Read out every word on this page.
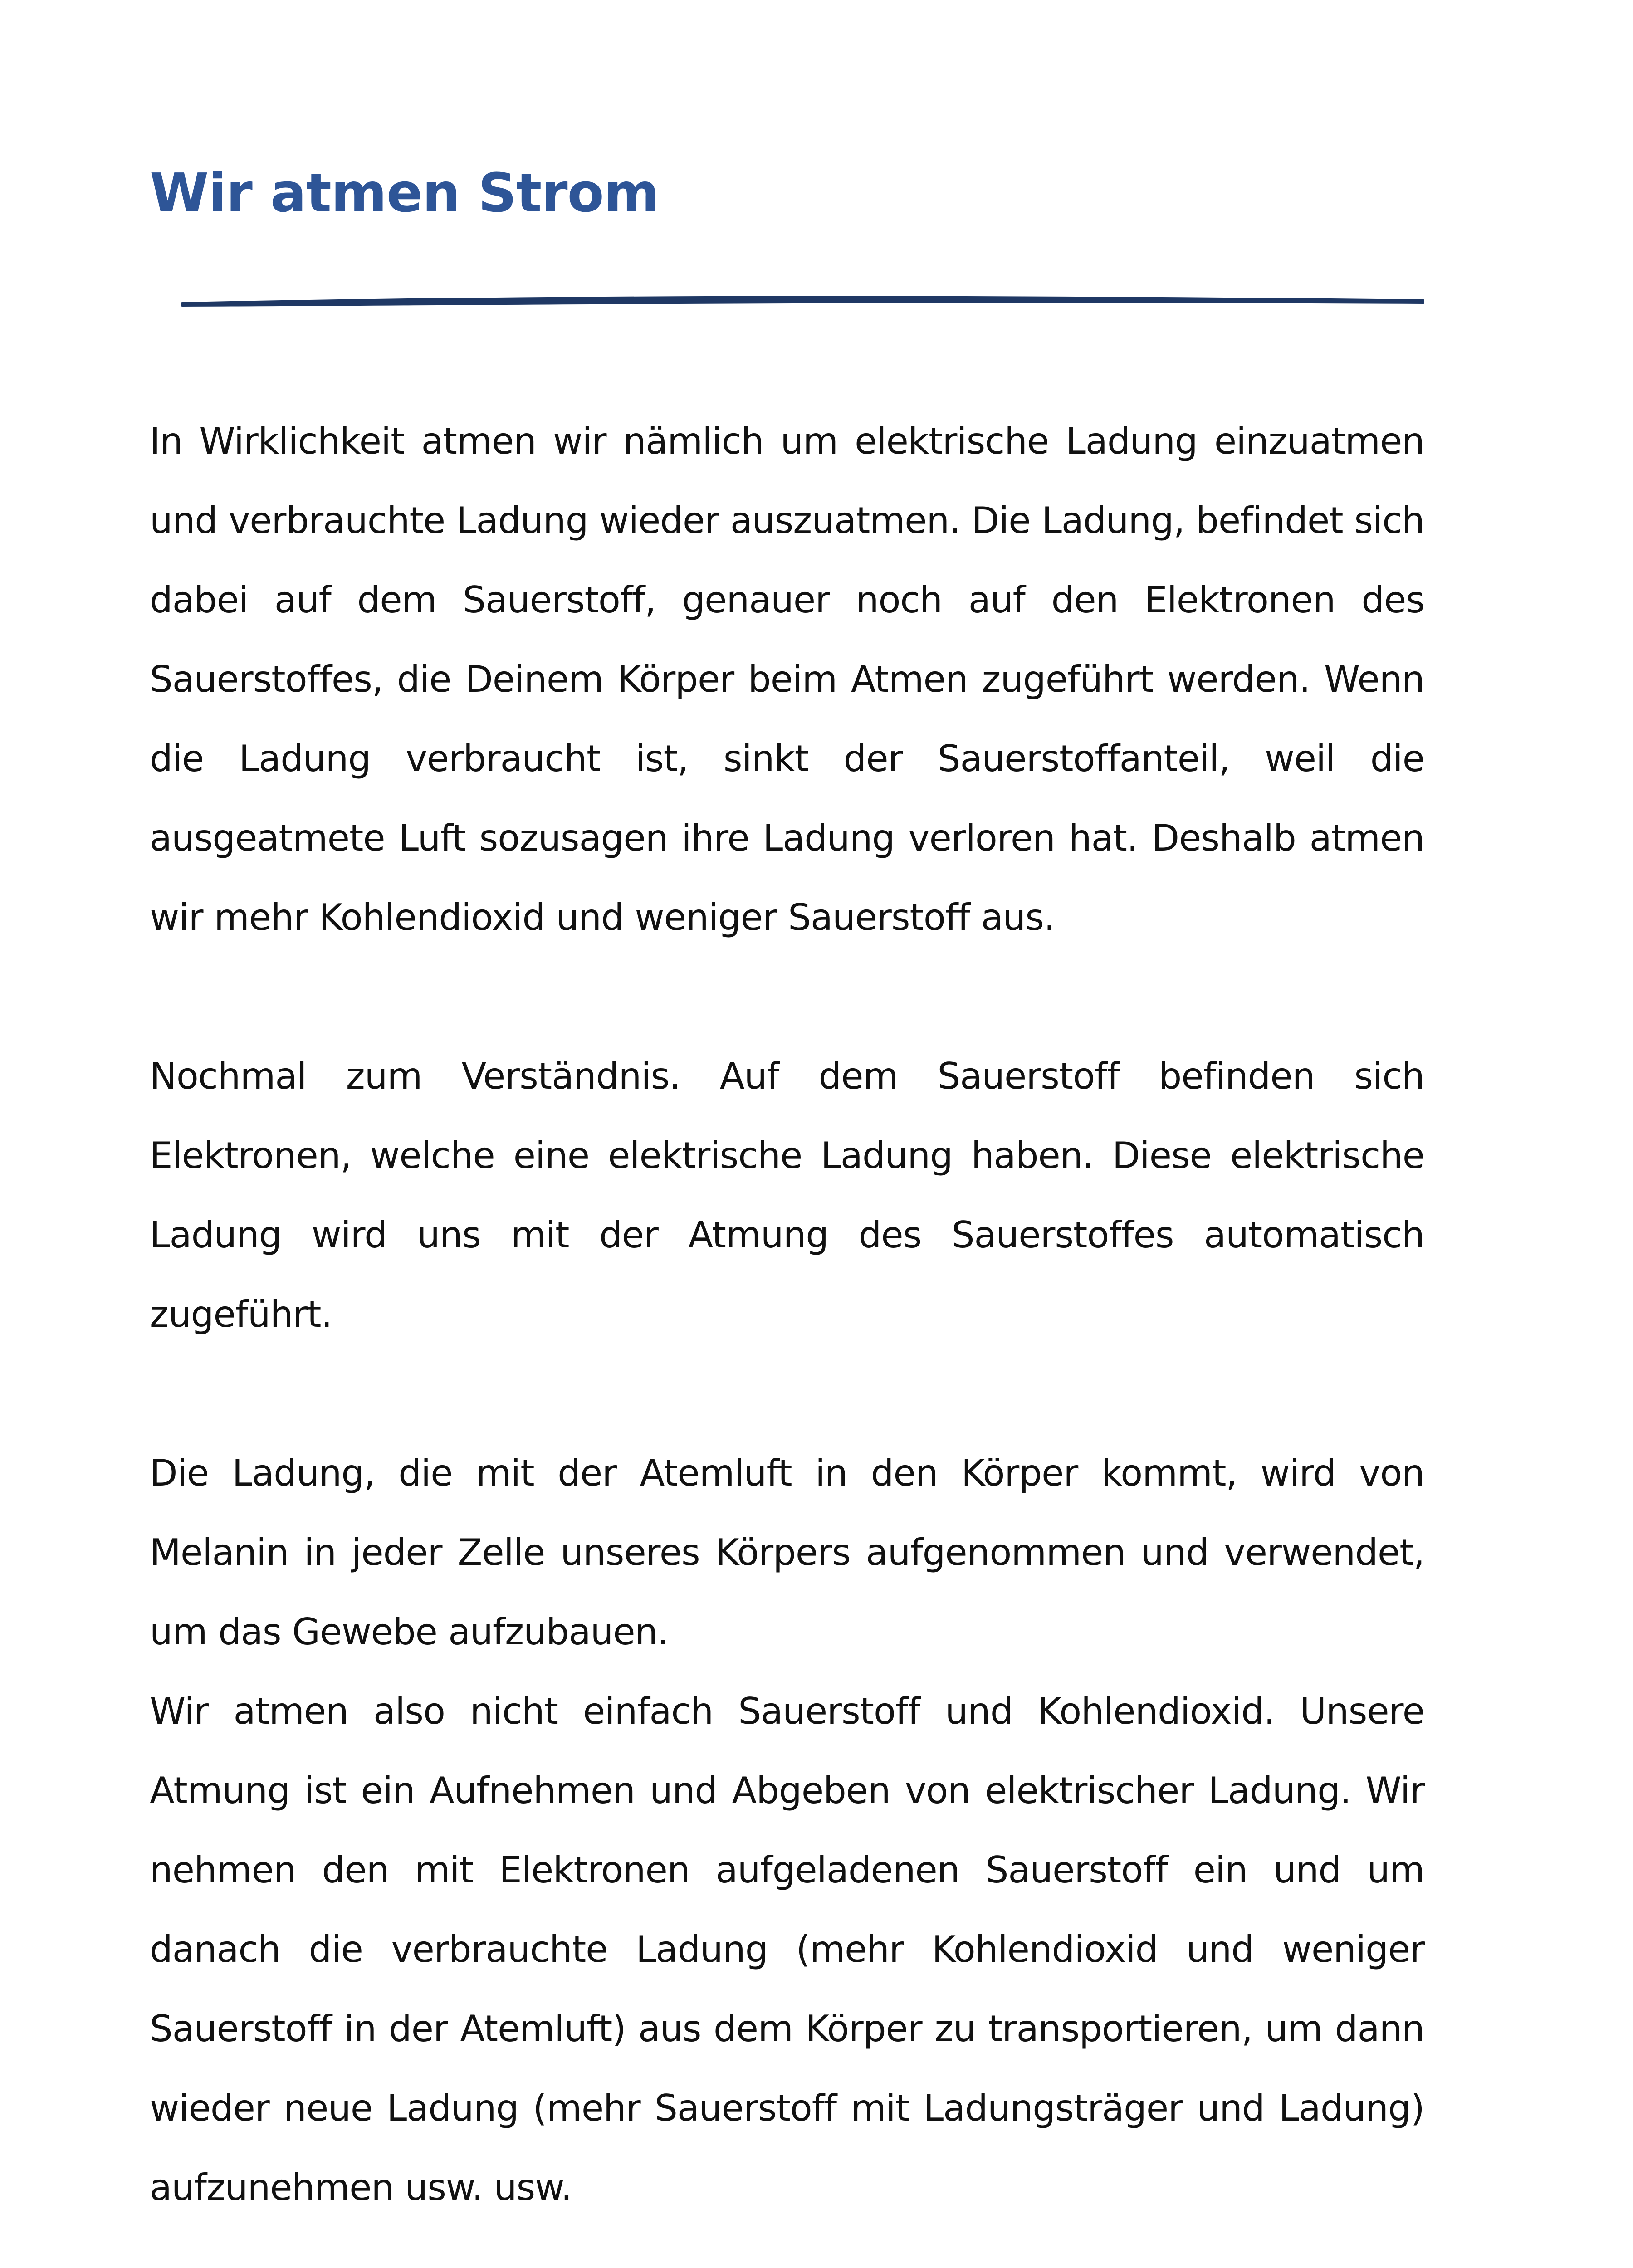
Wir atmen Strom

In Wirklichkeit atmen wir nämlich um elektrische Ladung einzuatmen und verbrauchte Ladung wieder auszuatmen. Die Ladung, befindet sich dabei auf dem Sauerstoff, genauer noch auf den Elektronen des Sauerstoffes, die Deinem Körper beim Atmen zugeführt werden. Wenn die Ladung verbraucht ist, sinkt der Sauerstoffanteil, weil die ausgeatmete Luft sozusagen ihre Ladung verloren hat. Deshalb atmen wir mehr Kohlendioxid und weniger Sauerstoff aus.

Nochmal zum Verständnis. Auf dem Sauerstoff befinden sich Elektronen, welche eine elektrische Ladung haben. Diese elektrische Ladung wird uns mit der Atmung des Sauerstoffes automatisch zugeführt.

Die Ladung, die mit der Atemluft in den Körper kommt, wird von Melanin in jeder Zelle unseres Körpers aufgenommen und verwendet, um das Gewebe aufzubauen.

Wir atmen also nicht einfach Sauerstoff und Kohlendioxid. Unsere Atmung ist ein Aufnehmen und Abgeben von elektrischer Ladung. Wir nehmen den mit Elektronen aufgeladenen Sauerstoff ein und um danach die verbrauchte Ladung (mehr Kohlendioxid und weniger Sauerstoff in der Atemluft) aus dem Körper zu transportieren, um dann wieder neue Ladung (mehr Sauerstoff mit Ladungsträger und Ladung) aufzunehmen usw. usw.
